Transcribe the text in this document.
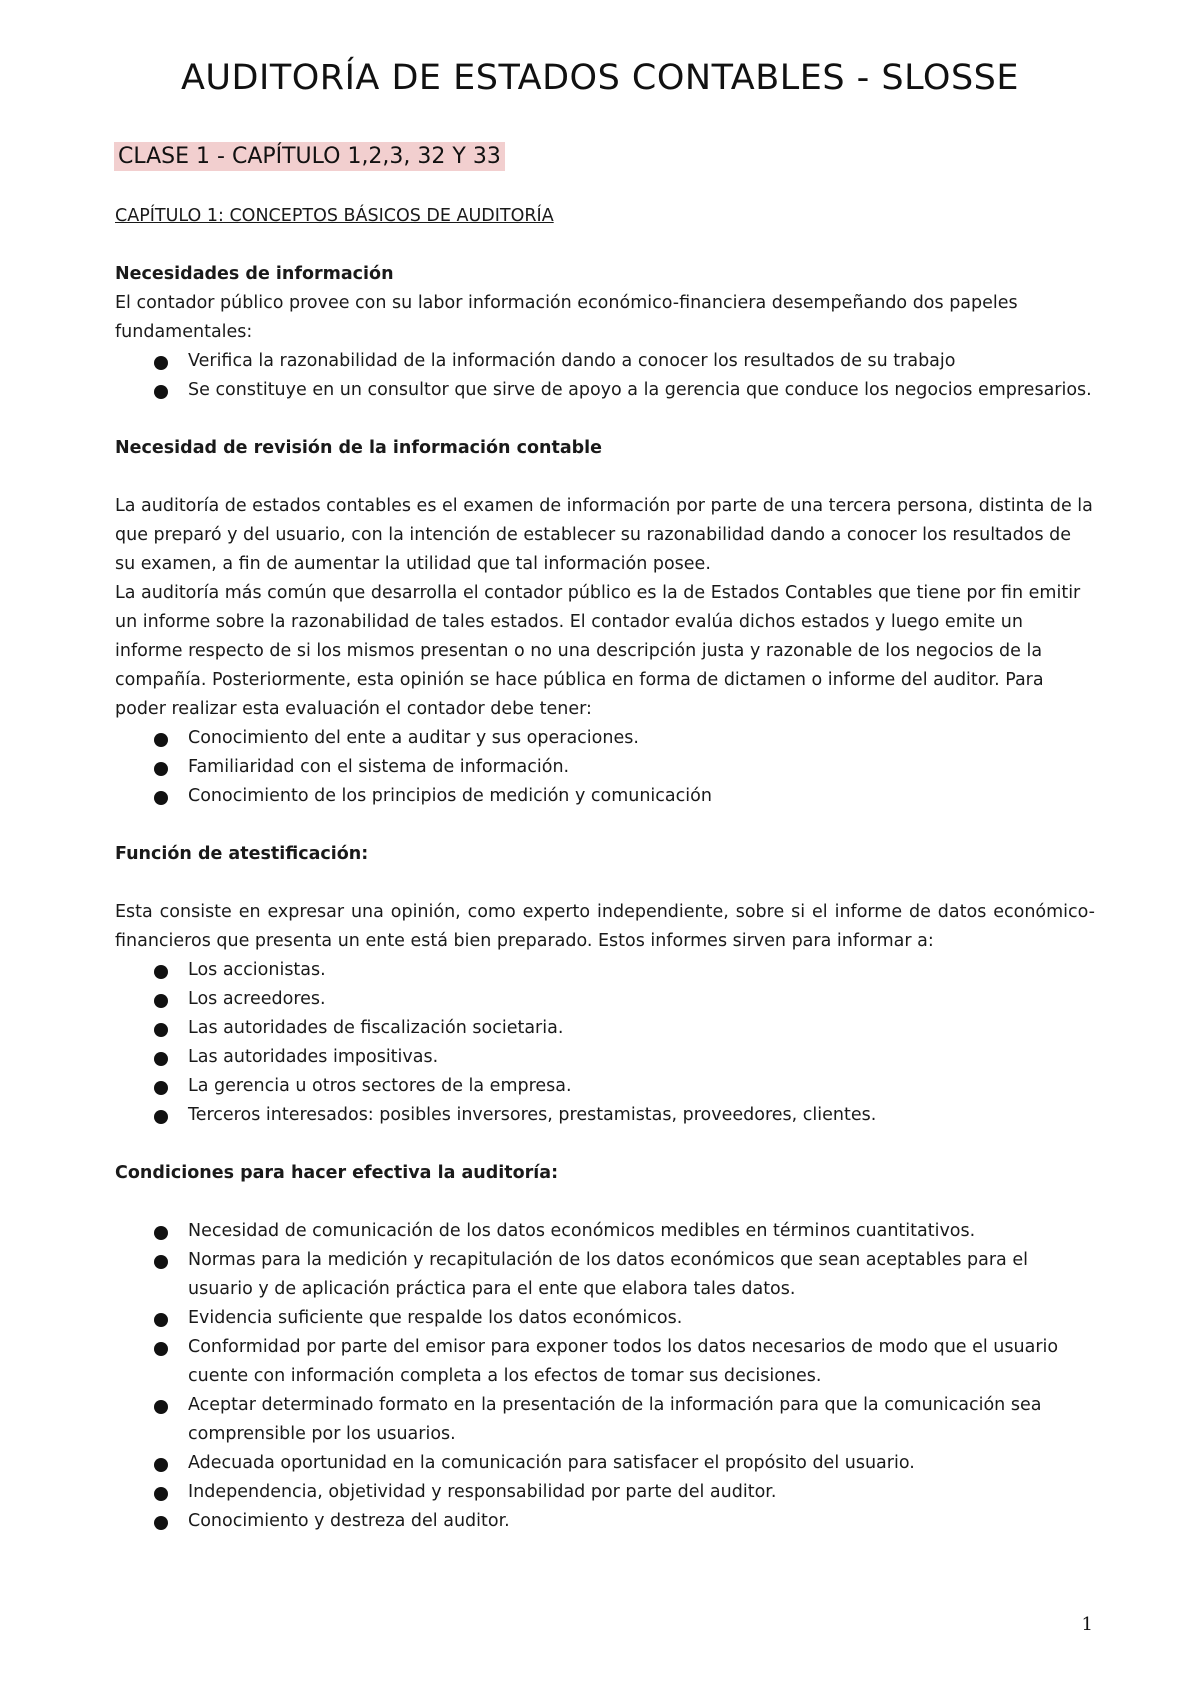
AUDITORÍA DE ESTADOS CONTABLES - SLOSSE
CLASE 1 - CAPÍTULO 1,2,3, 32 Y 33

CAPÍTULO 1: CONCEPTOS BÁSICOS DE AUDITORÍA

Necesidades de información

El contador público provee con su labor información económico-financiera desempeñando dos papeles fundamentales:

Verifica la razonabilidad de la información dando a conocer los resultados de su trabajo
Se constituye en un consultor que sirve de apoyo a la gerencia que conduce los negocios empresarios.

Necesidad de revisión de la información contable

La auditoría de estados contables es el examen de información por parte de una tercera persona, distinta de la que preparó y del usuario, con la intención de establecer su razonabilidad dando a conocer los resultados de su examen, a fin de aumentar la utilidad que tal información posee.

La auditoría más común que desarrolla el contador público es la de Estados Contables que tiene por fin emitir un informe sobre la razonabilidad de tales estados. El contador evalúa dichos estados y luego emite un informe respecto de si los mismos presentan o no una descripción justa y razonable de los negocios de la compañía. Posteriormente, esta opinión se hace pública en forma de dictamen o informe del auditor. Para poder realizar esta evaluación el contador debe tener:

Conocimiento del ente a auditar y sus operaciones.
Familiaridad con el sistema de información.
Conocimiento de los principios de medición y comunicación

Función de atestificación:

Esta consiste en expresar una opinión, como experto independiente, sobre si el informe de datos económico-financieros que presenta un ente está bien preparado. Estos informes sirven para informar a:

Los accionistas.
Los acreedores.
Las autoridades de fiscalización societaria.
Las autoridades impositivas.
La gerencia u otros sectores de la empresa.
Terceros interesados: posibles inversores, prestamistas, proveedores, clientes.

Condiciones para hacer efectiva la auditoría:

Necesidad de comunicación de los datos económicos medibles en términos cuantitativos.
Normas para la medición y recapitulación de los datos económicos que sean aceptables para el usuario y de aplicación práctica para el ente que elabora tales datos.
Evidencia suficiente que respalde los datos económicos.
Conformidad por parte del emisor para exponer todos los datos necesarios de modo que el usuario cuente con información completa a los efectos de tomar sus decisiones.
Aceptar determinado formato en la presentación de la información para que la comunicación sea comprensible por los usuarios.
Adecuada oportunidad en la comunicación para satisfacer el propósito del usuario.
Independencia, objetividad y responsabilidad por parte del auditor.
Conocimiento y destreza del auditor.
1
